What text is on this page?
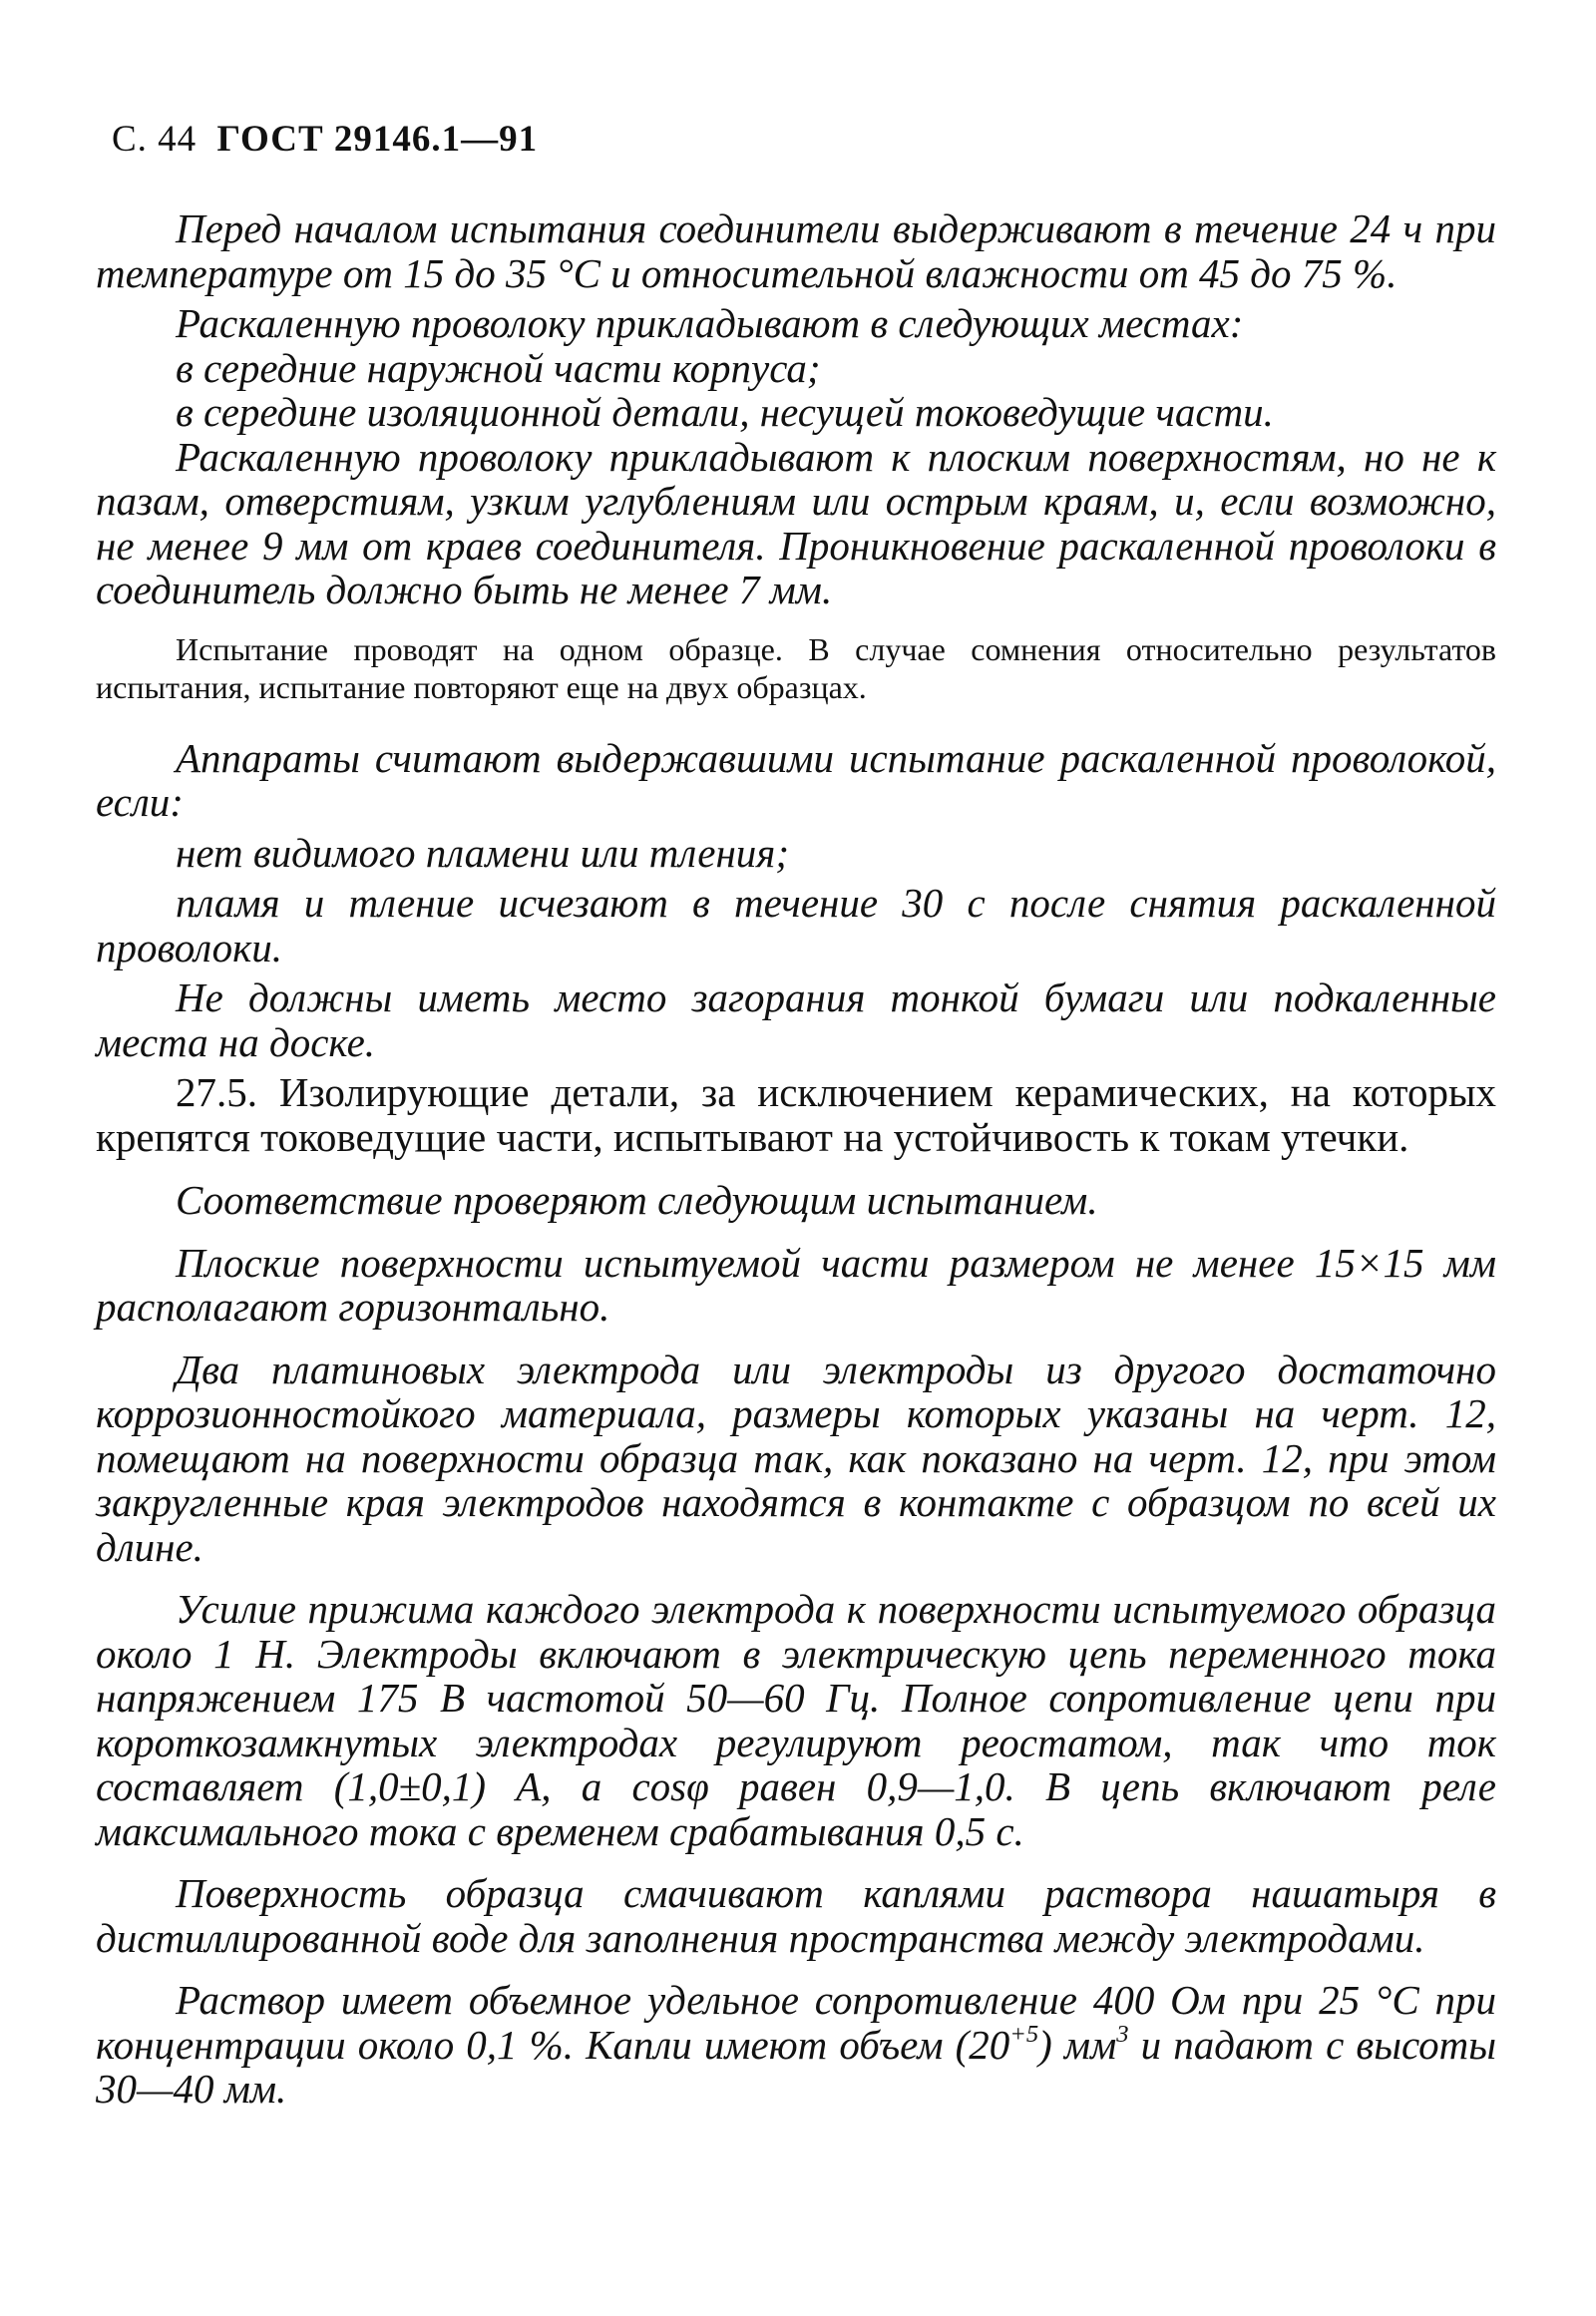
С. 44 ГОСТ 29146.1—91

Перед началом испытания соединители выдерживают в течение 24 ч при температуре от 15 до 35 °С и относительной влажности от 45 до 75 %.

Раскаленную проволоку прикладывают в следующих местах:

в середние наружной части корпуса;

в середине изоляционной детали, несущей токоведущие части.

Раскаленную проволоку прикладывают к плоским поверхностям, но не к пазам, отверстиям, узким углублениям или острым краям, и, если возможно, не менее 9 мм от краев соединителя. Проникновение раскаленной проволоки в соединитель должно быть не менее 7 мм.

Испытание проводят на одном образце. В случае сомнения относительно результатов испытания, испытание повторяют еще на двух образцах.

Аппараты считают выдержавшими испытание раскаленной проволокой, если:

нет видимого пламени или тления;

пламя и тление исчезают в течение 30 с после снятия раскаленной проволоки.

Не должны иметь место загорания тонкой бумаги или подкаленные места на доске.

27.5. Изолирующие детали, за исключением керамических, на которых крепятся токоведущие части, испытывают на устойчивость к токам утечки.

Соответствие проверяют следующим испытанием.

Плоские поверхности испытуемой части размером не менее 15×15 мм располагают горизонтально.

Два платиновых электрода или электроды из другого достаточно коррозионностойкого материала, размеры которых указаны на черт. 12, помещают на поверхности образца так, как показано на черт. 12, при этом закругленные края электродов находятся в контакте с образцом по всей их длине.

Усилие прижима каждого электрода к поверхности испытуемого образца около 1 Н. Электроды включают в электрическую цепь переменного тока напряжением 175 В частотой 50—60 Гц. Полное сопротивление цепи при короткозамкнутых электродах регулируют реостатом, так что ток составляет (1,0±0,1) А, а cosφ равен 0,9—1,0. В цепь включают реле максимального тока с временем срабатывания 0,5 с.

Поверхность образца смачивают каплями раствора нашатыря в дистиллированной воде для заполнения пространства между электродами.

Раствор имеет объемное удельное сопротивление 400 Ом при 25 °С при концентрации около 0,1 %. Капли имеют объем $(20^{+5})$ $мм^3$ и падают с высоты 30—40 мм.
